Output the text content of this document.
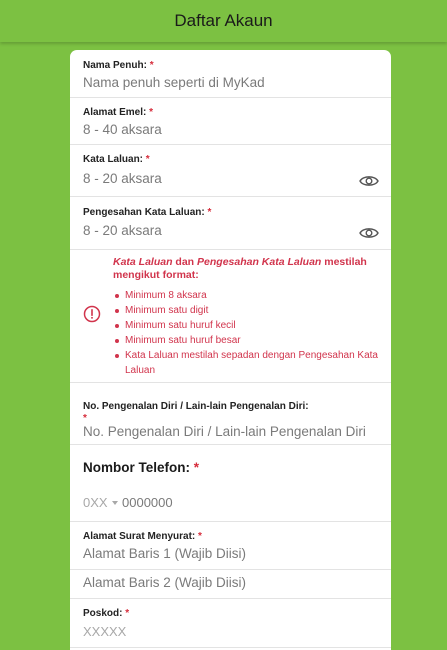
Daftar Akaun
Nama Penuh: *
Nama penuh seperti di MyKad
Alamat Emel: *
8 - 40 aksara
Kata Laluan: *
8 - 20 aksara
Pengesahan Kata Laluan: *
8 - 20 aksara
Kata Laluan dan Pengesahan Kata Laluan mestilah mengikut format:
Minimum 8 aksara
Minimum satu digit
Minimum satu huruf kecil
Minimum satu huruf besar
Kata Laluan mestilah sepadan dengan Pengesahan Kata Laluan
No. Pengenalan Diri / Lain-lain Pengenalan Diri: *
No. Pengenalan Diri / Lain-lain Pengenalan Diri
Nombor Telefon: *
0XX	0000000
Alamat Surat Menyurat: *
Alamat Baris 1 (Wajib Diisi)
Alamat Baris 2 (Wajib Diisi)
Poskod: *
XXXXX
